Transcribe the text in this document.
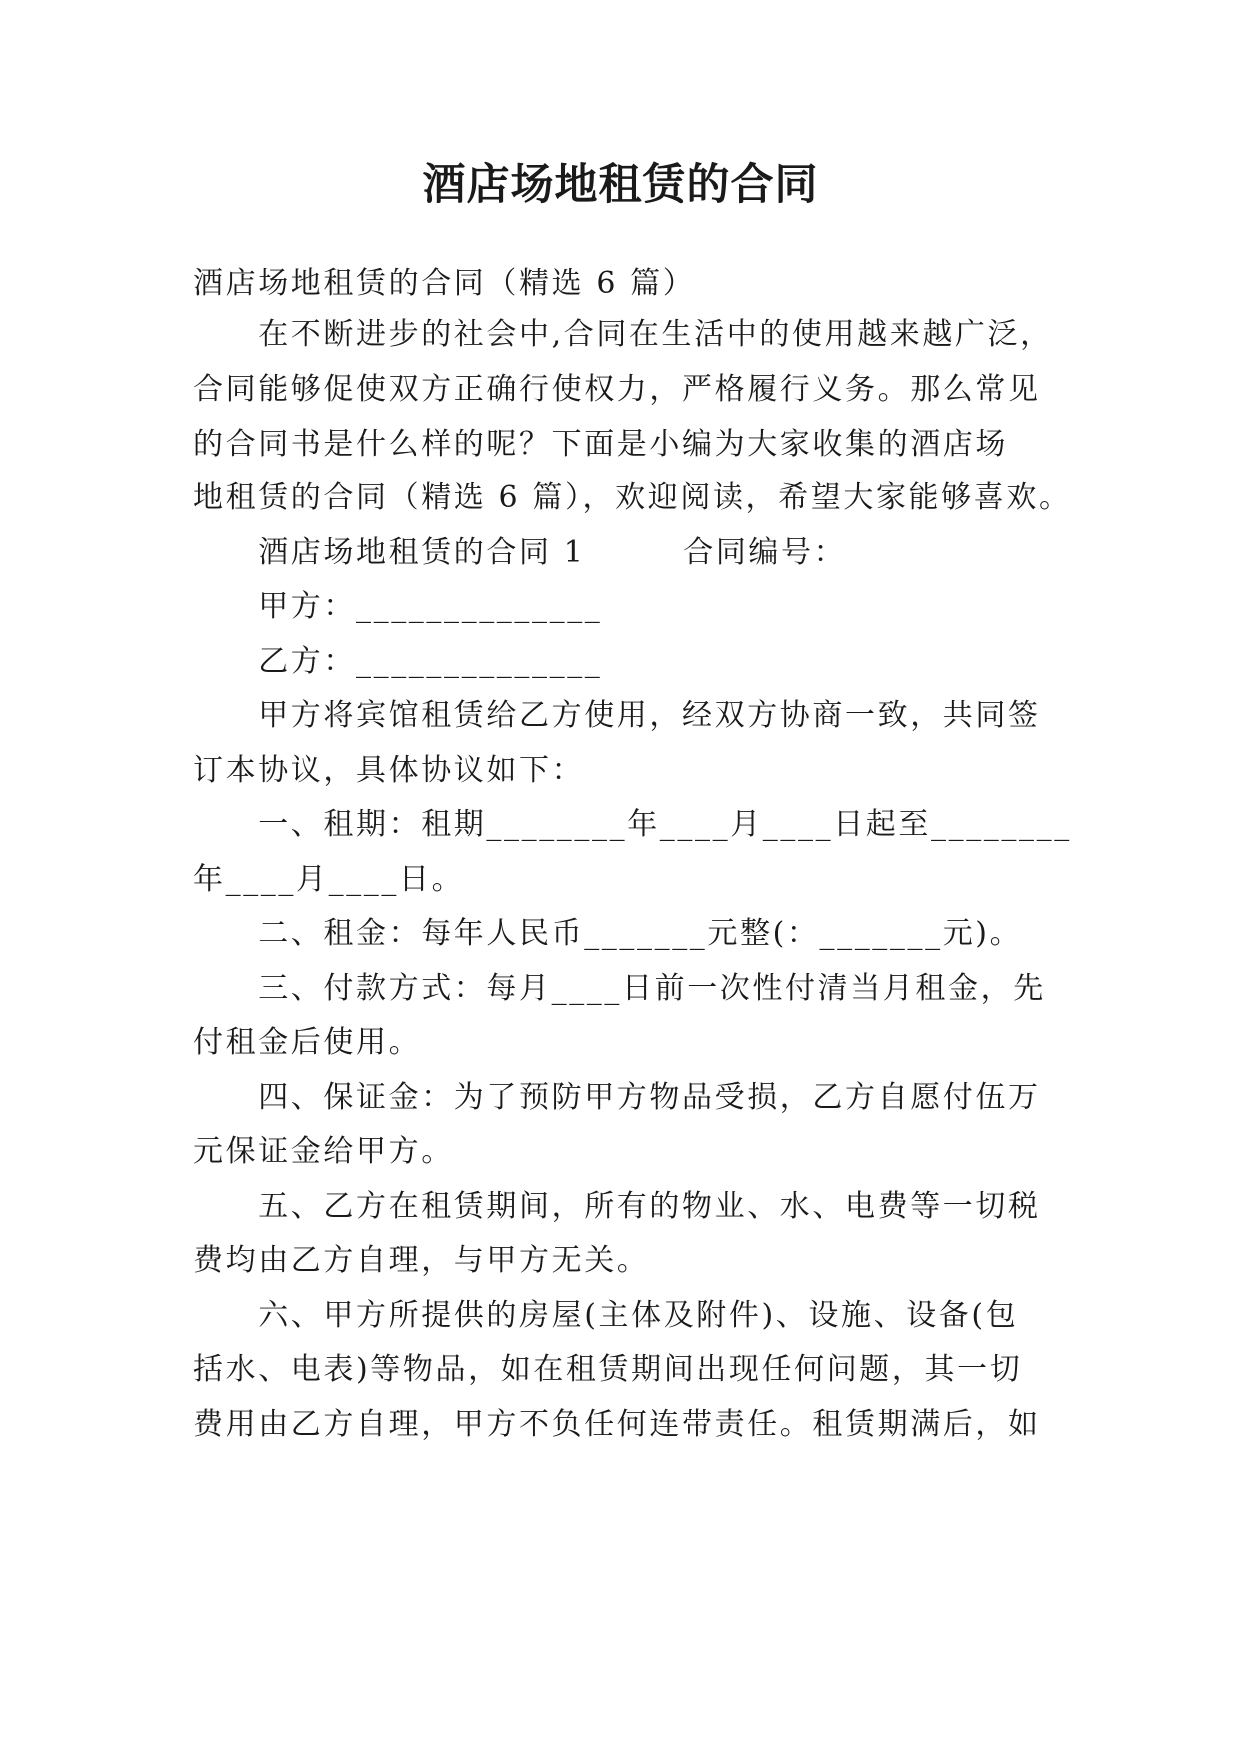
酒店场地租赁的合同
酒店场地租赁的合同（精选 6 篇）
　　在不断进步的社会中,合同在生活中的使用越来越广泛，
合同能够促使双方正确行使权力，严格履行义务。那么常见
的合同书是什么样的呢？下面是小编为大家收集的酒店场
地租赁的合同（精选 6 篇），欢迎阅读，希望大家能够喜欢。
　　酒店场地租赁的合同 1　　　合同编号：
　　甲方：______________
　　乙方：______________
　　甲方将宾馆租赁给乙方使用，经双方协商一致，共同签
订本协议，具体协议如下：
　　一、租期：租期________年____月____日起至________
年____月____日。
　　二、租金：每年人民币_______元整(：_______元)。
　　三、付款方式：每月____日前一次性付清当月租金，先
付租金后使用。
　　四、保证金：为了预防甲方物品受损，乙方自愿付伍万
元保证金给甲方。
　　五、乙方在租赁期间，所有的物业、水、电费等一切税
费均由乙方自理，与甲方无关。
　　六、甲方所提供的房屋(主体及附件)、设施、设备(包
括水、电表)等物品，如在租赁期间出现任何问题，其一切
费用由乙方自理，甲方不负任何连带责任。租赁期满后，如
